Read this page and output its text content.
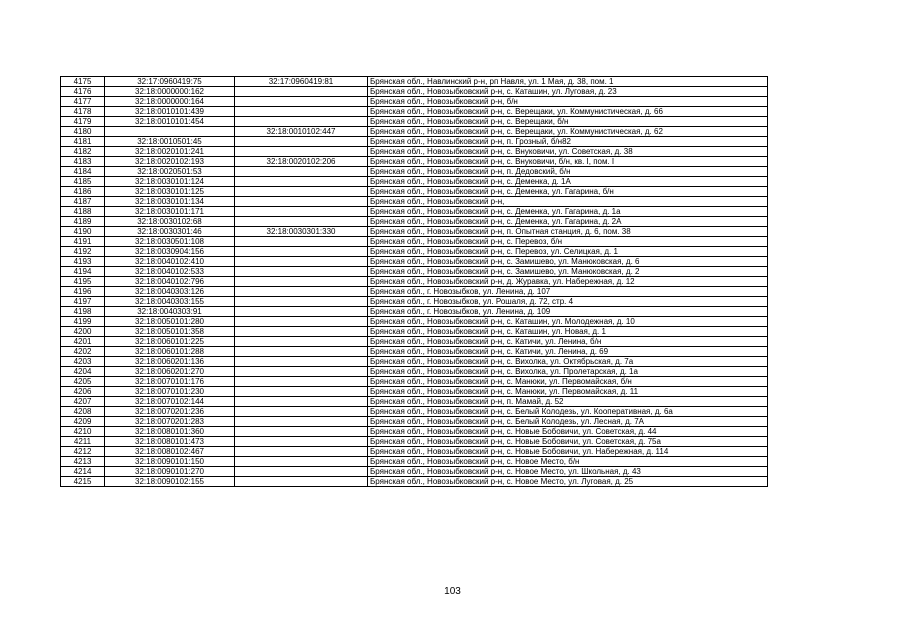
4175	32:17:0960419:75	32:17:0960419:81	Брянская обл., Навлинский р-н, рп Навля, ул. 1 Мая, д. 38, пом. 1
4176	32:18:0000000:162		Брянская обл., Новозыбковский р-н, с. Каташин, ул. Луговая, д. 23
4177	32:18:0000000:164		Брянская обл., Новозыбковский р-н, б/н
4178	32:18:0010101:439		Брянская обл., Новозыбковский р-н, с. Верещаки, ул. Коммунистическая, д. 66
4179	32:18:0010101:454		Брянская обл., Новозыбковский р-н, с. Верещаки, б/н
4180		32:18:0010102:447	Брянская обл., Новозыбковский р-н, с. Верещаки, ул. Коммунистическая, д. 62
4181	32:18:0010501:45		Брянская обл., Новозыбковский р-н, п. Грозный, б/н82
4182	32:18:0020101:241		Брянская обл., Новозыбковский р-н, с. Внуковичи, ул. Советская, д. 38
4183	32:18:0020102:193	32:18:0020102:206	Брянская обл., Новозыбковский р-н, с. Внуковичи, б/н, кв. I, пом. I
4184	32:18:0020501:53		Брянская обл., Новозыбковский р-н, п. Дедовский, б/н
4185	32:18:0030101:124		Брянская обл., Новозыбковский р-н, с. Деменка, д. 1А
4186	32:18:0030101:125		Брянская обл., Новозыбковский р-н, с. Деменка, ул. Гагарина, б/н
4187	32:18:0030101:134		Брянская обл., Новозыбковский р-н,
4188	32:18:0030101:171		Брянская обл., Новозыбковский р-н, с. Деменка, ул. Гагарина, д. 1а
4189	32:18:0030102:68		Брянская обл., Новозыбковский р-н, с. Деменка, ул. Гагарина, д. 2А
4190	32:18:0030301:46	32:18:0030301:330	Брянская обл., Новозыбковский р-н, п. Опытная станция, д. 6, пом. 38
4191	32:18:0030501:108		Брянская обл., Новозыбковский р-н, с. Перевоз, б/н
4192	32:18:0030904:156		Брянская обл., Новозыбковский р-н, с. Перевоз, ул. Селицкая, д. 1
4193	32:18:0040102:410		Брянская обл., Новозыбковский р-н, с. Замишево, ул. Манюковская, д. 6
4194	32:18:0040102:533		Брянская обл., Новозыбковский р-н, с. Замишево, ул. Манюковская, д. 2
4195	32:18:0040102:796		Брянская обл., Новозыбковский р-н, д. Журавка, ул. Набережная, д. 12
4196	32:18:0040303:126		Брянская обл., г. Новозыбков, ул. Ленина, д. 107
4197	32:18:0040303:155		Брянская обл., г. Новозыбков, ул. Рошаля, д. 72, стр. 4
4198	32:18:0040303:91		Брянская обл., г. Новозыбков, ул. Ленина, д. 109
4199	32:18:0050101:280		Брянская обл., Новозыбковский р-н, с. Каташин, ул. Молодежная, д. 10
4200	32:18:0050101:358		Брянская обл., Новозыбковский р-н, с. Каташин, ул. Новая, д. 1
4201	32:18:0060101:225		Брянская обл., Новозыбковский р-н, с. Катичи, ул. Ленина, б/н
4202	32:18:0060101:288		Брянская обл., Новозыбковский р-н, с. Катичи, ул. Ленина, д. 69
4203	32:18:0060201:136		Брянская обл., Новозыбковский р-н, с. Вихолка, ул. Октябрьская, д. 7а
4204	32:18:0060201:270		Брянская обл., Новозыбковский р-н, с. Вихолка, ул. Пролетарская, д. 1а
4205	32:18:0070101:176		Брянская обл., Новозыбковский р-н, с. Манюки, ул. Первомайская, б/н
4206	32:18:0070101:230		Брянская обл., Новозыбковский р-н, с. Манюки, ул. Первомайская, д. 11
4207	32:18:0070102:144		Брянская обл., Новозыбковский р-н, п. Мамай, д. 52
4208	32:18:0070201:236		Брянская обл., Новозыбковский р-н, с. Белый Колодезь, ул. Кооперативная, д. 6а
4209	32:18:0070201:283		Брянская обл., Новозыбковский р-н, с. Белый Колодезь, ул. Лесная, д. 7А
4210	32:18:0080101:360		Брянская обл., Новозыбковский р-н, с. Новые Бобовичи, ул. Советская, д. 44
4211	32:18:0080101:473		Брянская обл., Новозыбковский р-н, с. Новые Бобовичи, ул. Советская, д. 75а
4212	32:18:0080102:467		Брянская обл., Новозыбковский р-н, с. Новые Бобовичи, ул. Набережная, д. 114
4213	32:18:0090101:150		Брянская обл., Новозыбковский р-н, с. Новое Место, б/н
4214	32:18:0090101:270		Брянская обл., Новозыбковский р-н, с. Новое Место, ул. Школьная, д. 43
4215	32:18:0090102:155		Брянская обл., Новозыбковский р-н, с. Новое Место, ул. Луговая, д. 25
103
